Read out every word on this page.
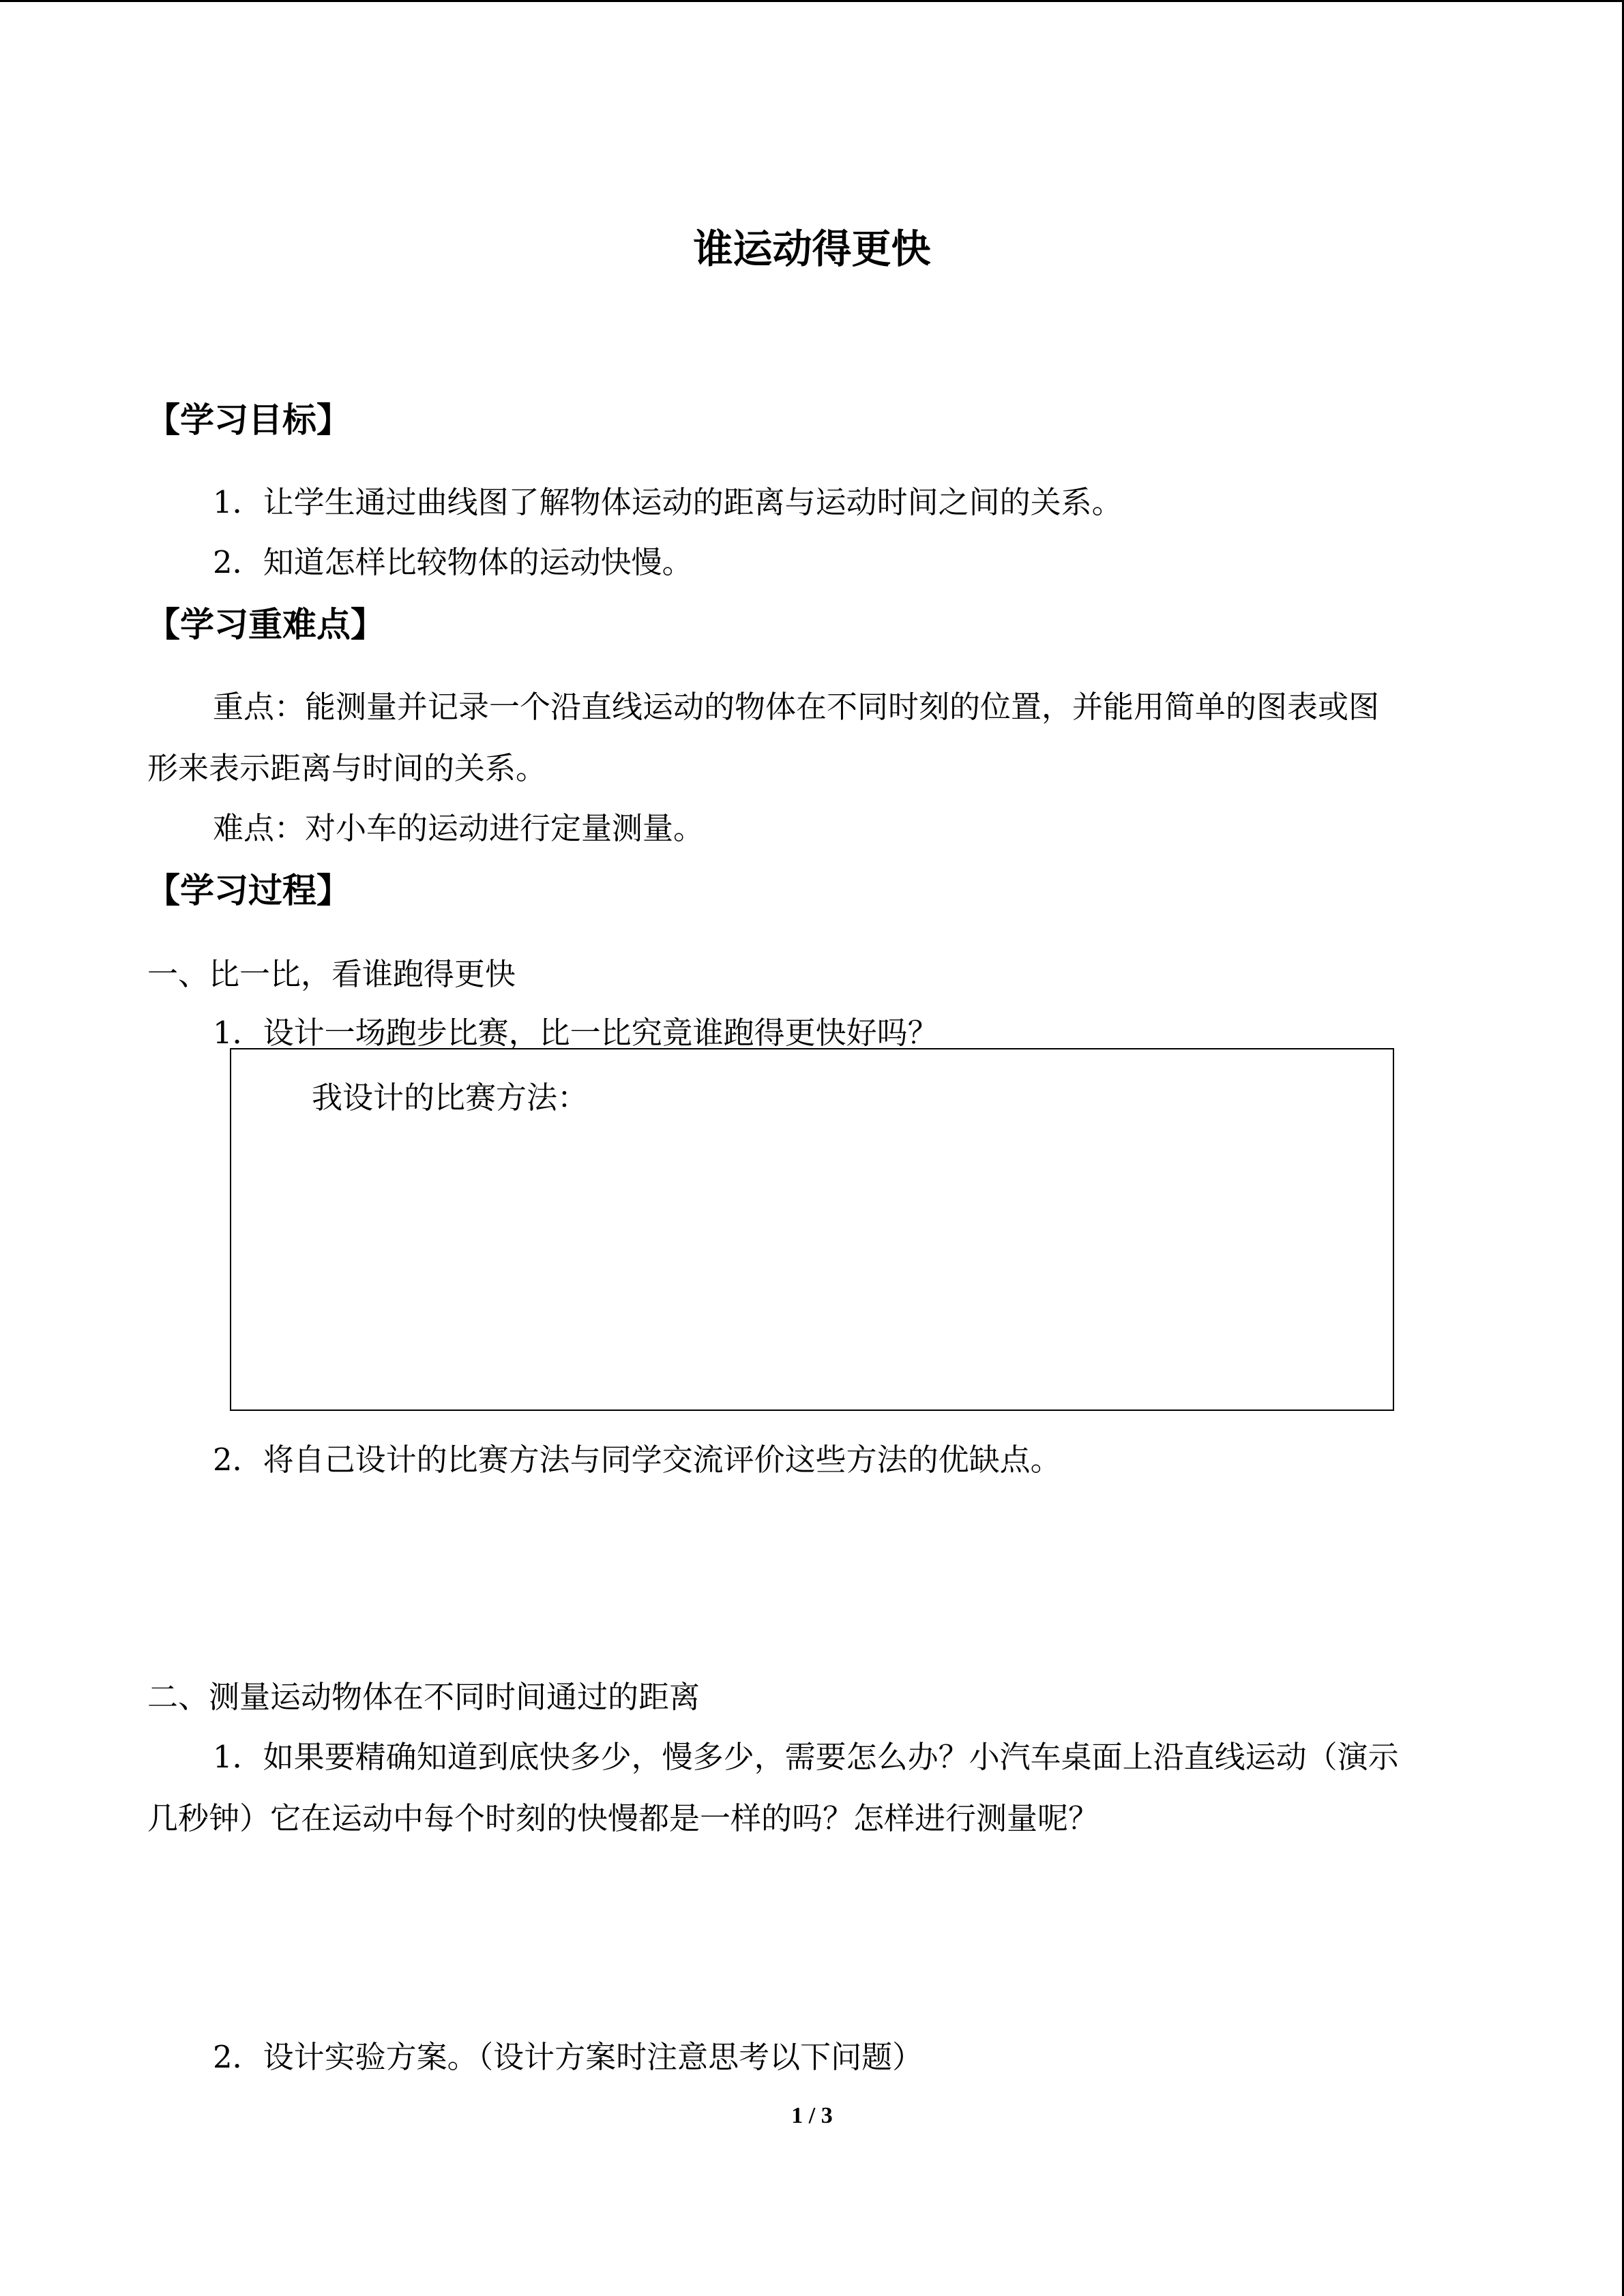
谁运动得更快
【学习目标】
1．让学生通过曲线图了解物体运动的距离与运动时间之间的关系。
2．知道怎样比较物体的运动快慢。
【学习重难点】
重点：能测量并记录一个沿直线运动的物体在不同时刻的位置，并能用简单的图表或图
形来表示距离与时间的关系。
难点：对小车的运动进行定量测量。
【学习过程】
一、比一比，看谁跑得更快
1．设计一场跑步比赛，比一比究竟谁跑得更快好吗？
我设计的比赛方法：
2．将自己设计的比赛方法与同学交流评价这些方法的优缺点。
二、测量运动物体在不同时间通过的距离
1．如果要精确知道到底快多少，慢多少，需要怎么办？小汽车桌面上沿直线运动（演示
几秒钟）它在运动中每个时刻的快慢都是一样的吗？怎样进行测量呢？
2．设计实验方案。（设计方案时注意思考以下问题）
1 / 3
